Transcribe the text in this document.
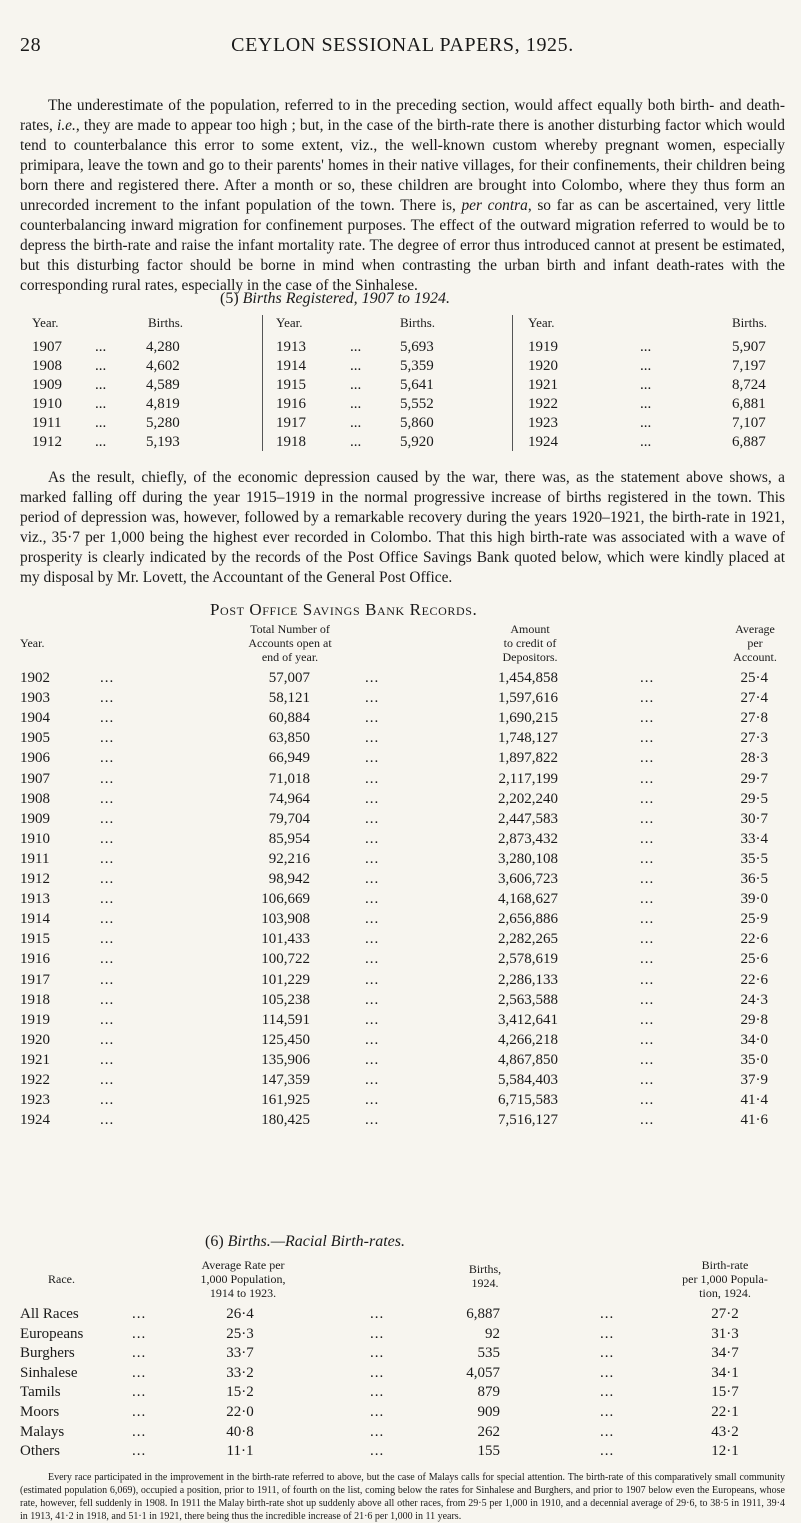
28	CEYLON SESSIONAL PAPERS, 1925.

The underestimate of the population, referred to in the preceding section, would affect equally both birth- and death-rates, i.e., they are made to appear too high ; but, in the case of the birth-rate there is another disturbing factor which would tend to counterbalance this error to some extent, viz., the well-known custom whereby pregnant women, especially primipara, leave the town and go to their parents' homes in their native villages, for their confinements, their children being born there and registered there. After a month or so, these children are brought into Colombo, where they thus form an unrecorded increment to the infant population of the town. There is, per contra, so far as can be ascertained, very little counterbalancing inward migration for confinement purposes. The effect of the outward migration referred to would be to depress the birth-rate and raise the infant mortality rate. The degree of error thus introduced cannot at present be estimated, but this disturbing factor should be borne in mind when contrasting the urban birth and infant death-rates with the corresponding rural rates, especially in the case of the Sinhalese.

(5) Births Registered, 1907 to 1924.
Year.	Births.
1907 ...	4,280
1908 ...	4,602
1909 ...	4,589
1910 ...	4,819
1911 ...	5,280
1912 ...	5,193
Year.	Births.
1913	...	5,693
1914	...	5,359
1915	...	5,641
1916	...	5,552
1917	...	5,860
1918	...	5,920
Year.	Births.
1919	...	5,907
1920	...	7,197
1921	...	8,724
1922	...	6,881
1923	...	7,107
1924	...	6,887

As the result, chiefly, of the economic depression caused by the war, there was, as the statement above shows, a marked falling off during the year 1915–1919 in the normal progressive increase of births registered in the town. This period of depression was, however, followed by a remarkable recovery during the years 1920–1921, the birth-rate in 1921, viz., 35·7 per 1,000 being the highest ever recorded in Colombo. That this high birth-rate was associated with a wave of prosperity is clearly indicated by the records of the Post Office Savings Bank quoted below, which were kindly placed at my disposal by Mr. Lovett, the Accountant of the General Post Office.

Post Office Savings Bank Records.
Year.
Total Number of
Accounts open at
end of year.
Amount
to credit of
Depositors.
Average
per
Account.
1902	...	57,007	...	1,454,858	...	25·4
1903	...	58,121	...	1,597,616	...	27·4
1904	...	60,884	...	1,690,215	...	27·8
1905	...	63,850	...	1,748,127	...	27·3
1906	...	66,949	...	1,897,822	...	28·3
1907	...	71,018	...	2,117,199	...	29·7
1908	...	74,964	...	2,202,240	...	29·5
1909	...	79,704	...	2,447,583	...	30·7
1910	...	85,954	...	2,873,432	...	33·4
1911	...	92,216	...	3,280,108	...	35·5
1912	...	98,942	...	3,606,723	...	36·5
1913	...	106,669	...	4,168,627	...	39·0
1914	...	103,908	...	2,656,886	...	25·9
1915	...	101,433	...	2,282,265	...	22·6
1916	...	100,722	...	2,578,619	...	25·6
1917	...	101,229	...	2,286,133	...	22·6
1918	...	105,238	...	2,563,588	...	24·3
1919	...	114,591	...	3,412,641	...	29·8
1920	...	125,450	...	4,266,218	...	34·0
1921	...	135,906	...	4,867,850	...	35·0
1922	...	147,359	...	5,584,403	...	37·9
1923	...	161,925	...	6,715,583	...	41·4
1924	...	180,425	...	7,516,127	...	41·6
(6) Births.—Racial Birth-rates.
Race.
Average Rate per
1,000 Population,
1914 to 1923.
Births,
1924.
Birth-rate
per 1,000 Popula-
tion, 1924.
All Races	...	26·4	...	6,887	...	27·2
Europeans	...	25·3	...	92	...	31·3
Burghers	...	33·7	...	535	...	34·7
Sinhalese	...	33·2	...	4,057	...	34·1
Tamils	...	15·2	...	879	...	15·7
Moors	...	22·0	...	909	...	22·1
Malays	...	40·8	...	262	...	43·2
Others	...	11·1	...	155	...	12·1

Every race participated in the improvement in the birth-rate referred to above, but the case of Malays calls for special attention. The birth-rate of this comparatively small community (estimated population 6,069), occupied a position, prior to 1911, of fourth on the list, coming below the rates for Sinhalese and Burghers, and prior to 1907 below even the Europeans, whose rate, however, fell suddenly in 1908. In 1911 the Malay birth-rate shot up suddenly above all other races, from 29·5 per 1,000 in 1910, and a decennial average of 29·6, to 38·5 in 1911, 39·4 in 1913, 41·2 in 1918, and 51·1 in 1921, there being thus the incredible increase of 21·6 per 1,000 in 11 years.
